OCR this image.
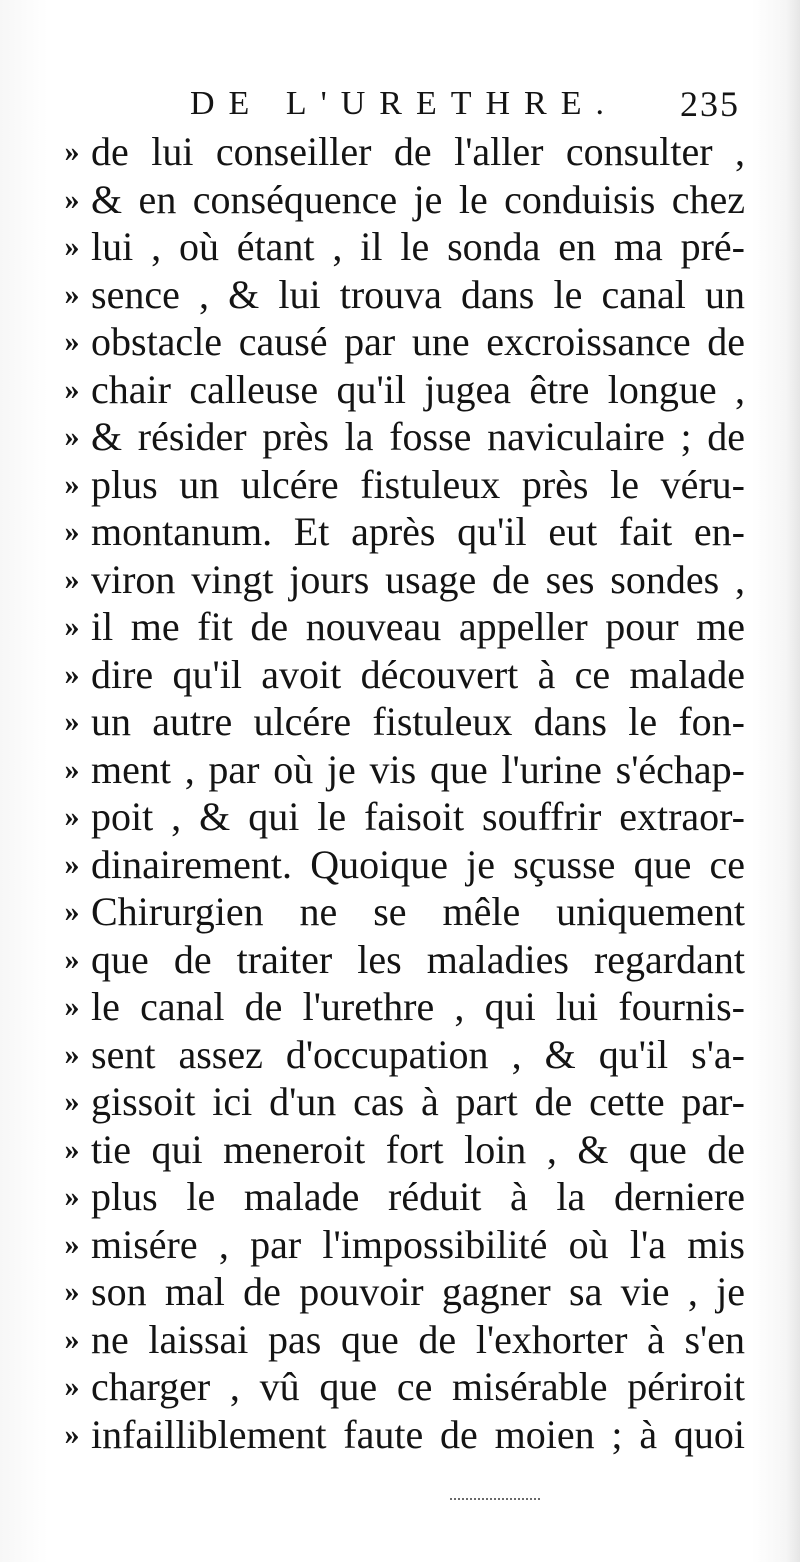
DE L'URETHRE. 235
» de lui conseiller de l'aller consulter ,
» & en conséquence je le conduisis chez
» lui , où étant , il le sonda en ma pré-
» sence , & lui trouva dans le canal un
» obstacle causé par une excroissance de
» chair calleuse qu'il jugea être longue ,
» & résider près la fosse naviculaire ; de
» plus un ulcére fistuleux près le véru-
» montanum. Et après qu'il eut fait en-
» viron vingt jours usage de ses sondes ,
» il me fit de nouveau appeller pour me
» dire qu'il avoit découvert à ce malade
» un autre ulcére fistuleux dans le fon-
» ment , par où je vis que l'urine s'échap-
» poit , & qui le faisoit souffrir extraor-
» dinairement. Quoique je sçusse que ce
» Chirurgien ne se mêle uniquement
» que de traiter les maladies regardant
» le canal de l'urethre , qui lui fournis-
» sent assez d'occupation , & qu'il s'a-
» gissoit ici d'un cas à part de cette par-
» tie qui meneroit fort loin , & que de
» plus le malade réduit à la derniere
» misére , par l'impossibilité où l'a mis
» son mal de pouvoir gagner sa vie , je
» ne laissai pas que de l'exhorter à s'en
» charger , vû que ce misérable périroit
» infailliblement faute de moien ; à quoi
